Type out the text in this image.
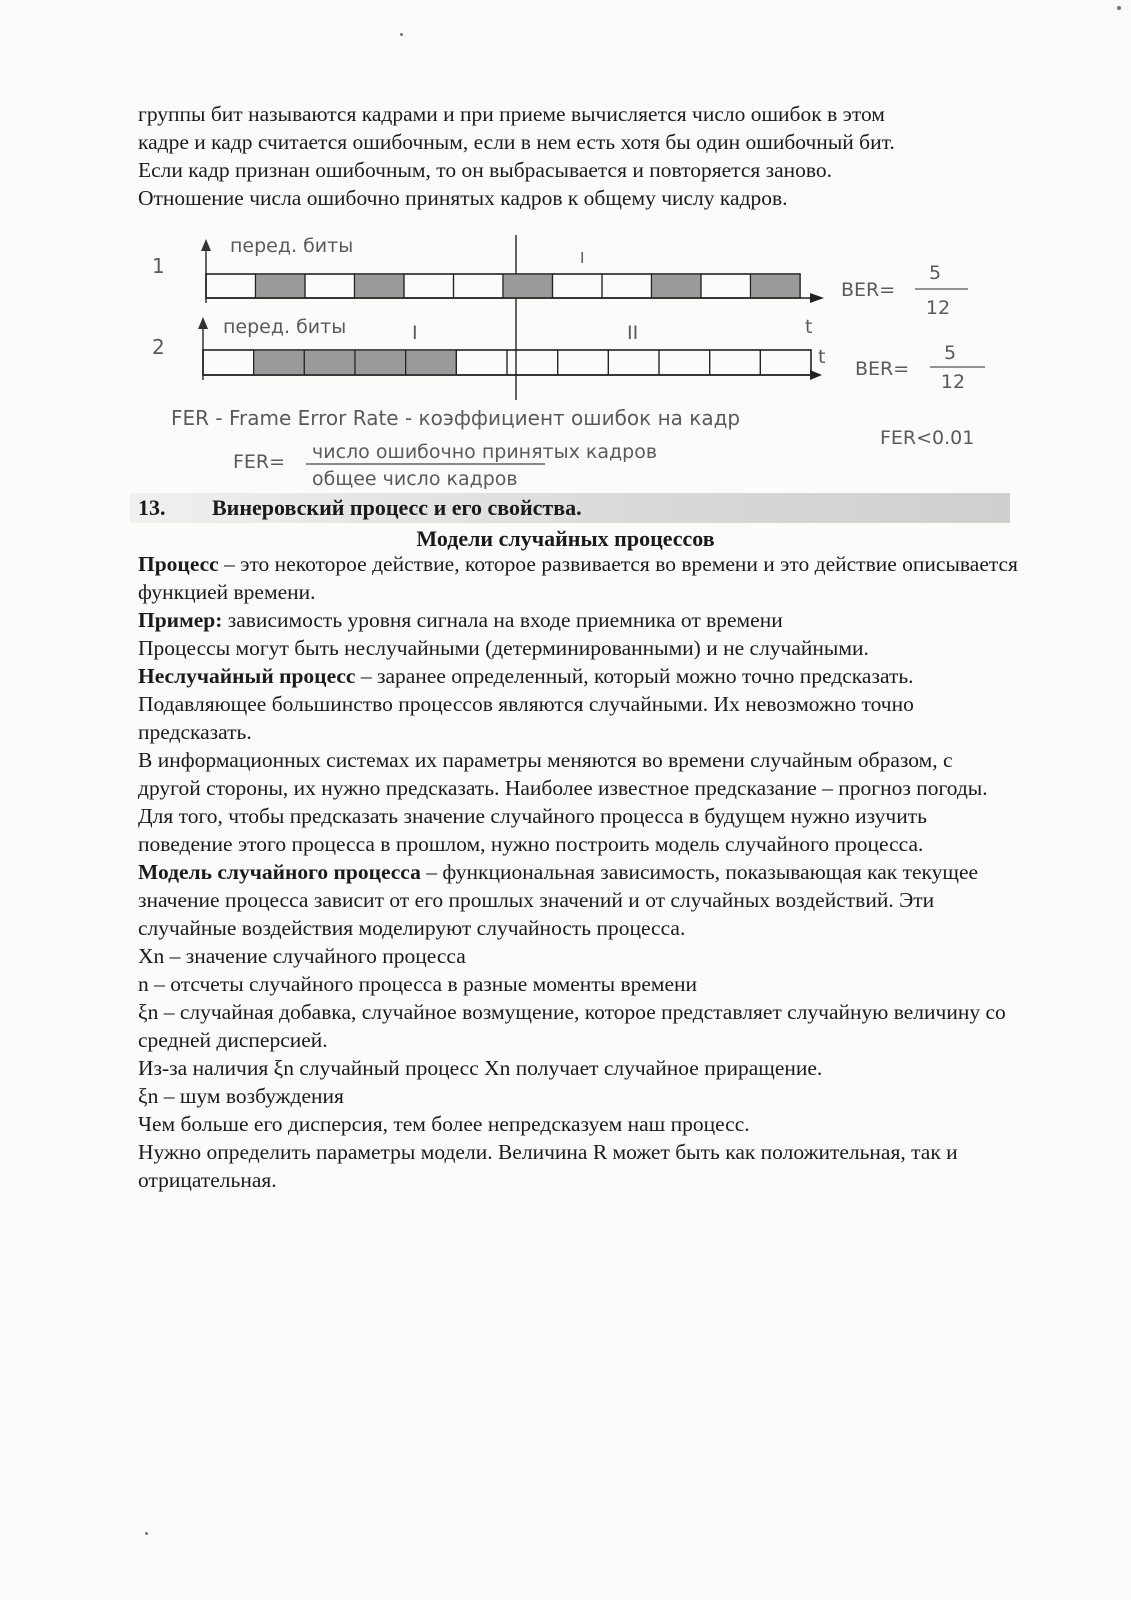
группы бит называются кадрами и при приеме вычисляется число ошибок в этом
кадре и кадр считается ошибочным, если в нем есть хотя бы один ошибочный бит.
Если кадр признан ошибочным, то он выбрасывается и повторяется заново.
Отношение числа ошибочно принятых кадров к общему числу кадров.
1
перед. биты
I
BER=
5
12
t
2
перед. биты	I	II
t
BER=
5
12
FER - Frame Error Rate - коэффициент ошибок на кадр
FER<0.01
FER= число ошибочно принятых кадров
общее число кадров
13. Винеровский процесс и его свойства.
Модели случайных процессов
Процесс – это некоторое действие, которое развивается во времени и это действие описывается функцией времени.
Пример: зависимость уровня сигнала на входе приемника от времени
Процессы могут быть неслучайными (детерминированными) и не случайными.
Неслучайный процесс – заранее определенный, который можно точно предсказать.
Подавляющее большинство процессов являются случайными. Их невозможно точно предсказать.
В информационных системах их параметры меняются во времени случайным образом, с другой стороны, их нужно предсказать. Наиболее известное предсказание – прогноз погоды.
Для того, чтобы предсказать значение случайного процесса в будущем нужно изучить поведение этого процесса в прошлом, нужно построить модель случайного процесса.
Модель случайного процесса – функциональная зависимость, показывающая как текущее значение процесса зависит от его прошлых значений и от случайных воздействий. Эти случайные воздействия моделируют случайность процесса.
Xn – значение случайного процесса
n – отсчеты случайного процесса в разные моменты времени
ξn – случайная добавка, случайное возмущение, которое представляет случайную величину со средней дисперсией.
Из-за наличия ξn случайный процесс Xn получает случайное приращение.
ξn – шум возбуждения
Чем больше его дисперсия, тем более непредсказуем наш процесс.
Нужно определить параметры модели. Величина R может быть как положительная, так и отрицательная.
